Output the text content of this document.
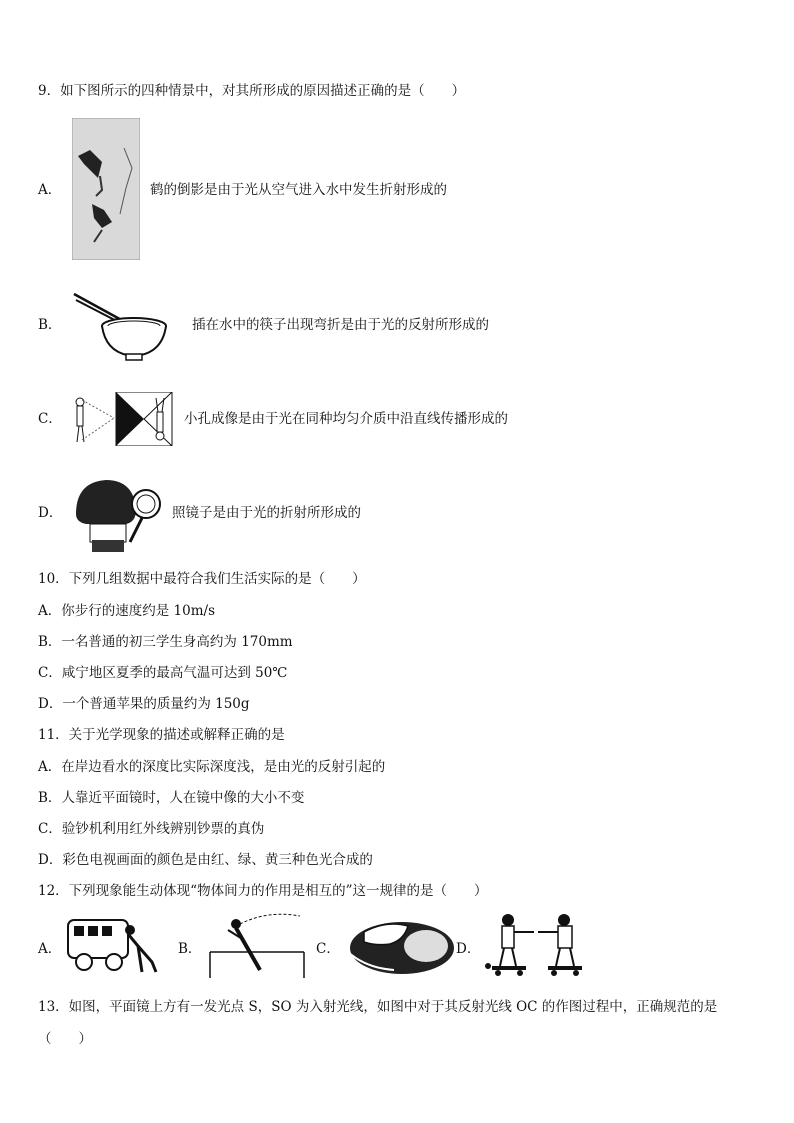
9．如下图所示的四种情景中，对其所形成的原因描述正确的是（　　）
A．	鹤的倒影是由于光从空气进入水中发生折射形成的
B．	插在水中的筷子出现弯折是由于光的反射所形成的
C．	小孔成像是由于光在同种均匀介质中沿直线传播形成的
D．	照镜子是由于光的折射所形成的
10．下列几组数据中最符合我们生活实际的是（　　）
A．你步行的速度约是 10m/s
B．一名普通的初三学生身高约为 170mm
C．咸宁地区夏季的最高气温可达到 50℃
D．一个普通苹果的质量约为 150g
11．关于光学现象的描述或解释正确的是
A．在岸边看水的深度比实际深度浅，是由光的反射引起的
B．人靠近平面镜时，人在镜中像的大小不变
C．验钞机利用红外线辨别钞票的真伪
D．彩色电视画面的颜色是由红、绿、黄三种色光合成的
12．下列现象能生动体现“物体间力的作用是相互的”这一规律的是（　　）
A．	B．	C．	D．
13．如图，平面镜上方有一发光点 S，SO 为入射光线，如图中对于其反射光线 OC 的作图过程中，正确规范的是
（　　）
